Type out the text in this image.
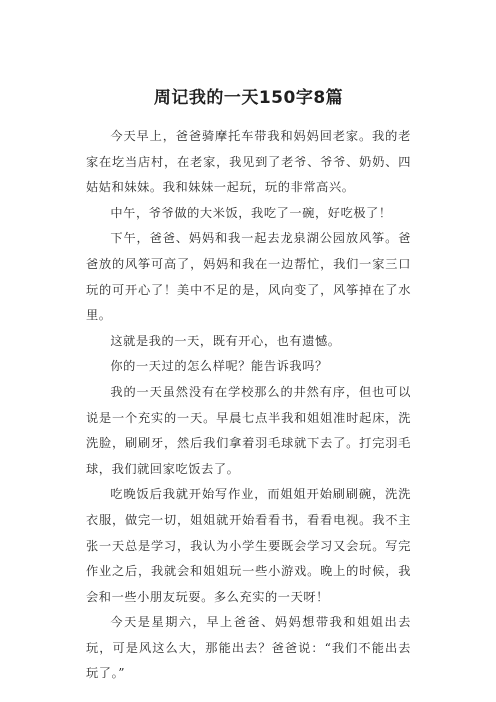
周记我的一天150字8篇

今天早上，爸爸骑摩托车带我和妈妈回老家。我的老家在圪当店村，在老家，我见到了老爷、爷爷、奶奶、四姑姑和妹妹。我和妹妹一起玩，玩的非常高兴。

中午，爷爷做的大米饭，我吃了一碗，好吃极了！

下午，爸爸、妈妈和我一起去龙泉湖公园放风筝。爸爸放的风筝可高了，妈妈和我在一边帮忙，我们一家三口玩的可开心了！美中不足的是，风向变了，风筝掉在了水里。

这就是我的一天，既有开心，也有遗憾。

你的一天过的怎么样呢？能告诉我吗？

我的一天虽然没有在学校那么的井然有序，但也可以说是一个充实的一天。早晨七点半我和姐姐准时起床，洗洗脸，刷刷牙，然后我们拿着羽毛球就下去了。打完羽毛球，我们就回家吃饭去了。

吃晚饭后我就开始写作业，而姐姐开始刷刷碗，洗洗衣服，做完一切，姐姐就开始看看书，看看电视。我不主张一天总是学习，我认为小学生要既会学习又会玩。写完作业之后，我就会和姐姐玩一些小游戏。晚上的时候，我会和一些小朋友玩耍。多么充实的一天呀！

今天是星期六，早上爸爸、妈妈想带我和姐姐出去玩，可是风这么大，那能出去？爸爸说：“我们不能出去玩了。”
